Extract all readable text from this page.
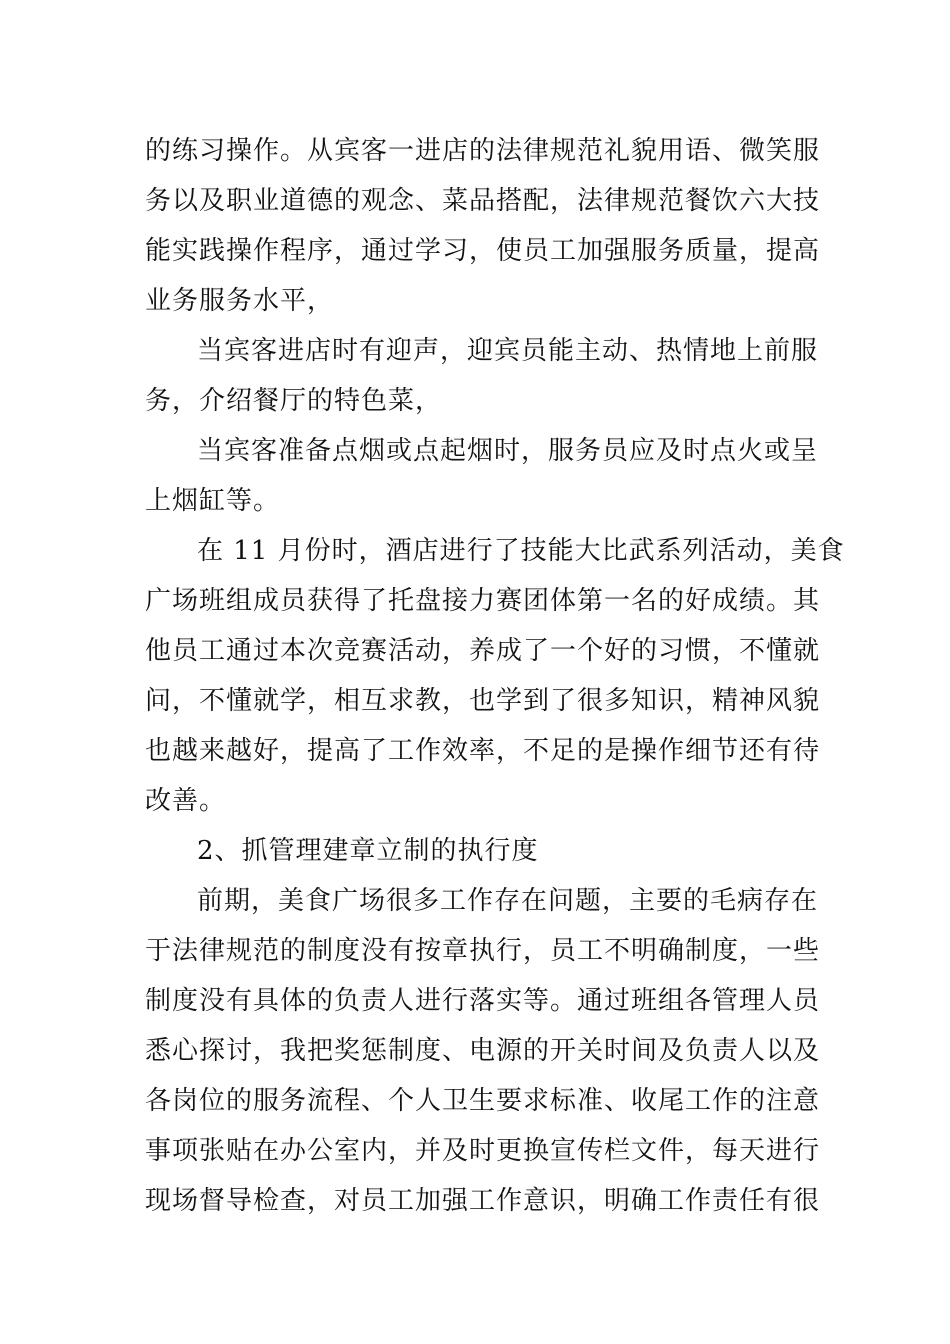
的练习操作。从宾客一进店的法律规范礼貌用语、微笑服
务以及职业道德的观念、菜品搭配，法律规范餐饮六大技
能实践操作程序，通过学习，使员工加强服务质量，提高
业务服务水平，
当宾客进店时有迎声，迎宾员能主动、热情地上前服
务，介绍餐厅的特色菜，
当宾客准备点烟或点起烟时，服务员应及时点火或呈
上烟缸等。
在 11 月份时，酒店进行了技能大比武系列活动，美食
广场班组成员获得了托盘接力赛团体第一名的好成绩。其
他员工通过本次竞赛活动，养成了一个好的习惯，不懂就
问，不懂就学，相互求教，也学到了很多知识，精神风貌
也越来越好，提高了工作效率，不足的是操作细节还有待
改善。
2、抓管理建章立制的执行度
前期，美食广场很多工作存在问题，主要的毛病存在
于法律规范的制度没有按章执行，员工不明确制度，一些
制度没有具体的负责人进行落实等。通过班组各管理人员
悉心探讨，我把奖惩制度、电源的开关时间及负责人以及
各岗位的服务流程、个人卫生要求标准、收尾工作的注意
事项张贴在办公室内，并及时更换宣传栏文件，每天进行
现场督导检查，对员工加强工作意识，明确工作责任有很
